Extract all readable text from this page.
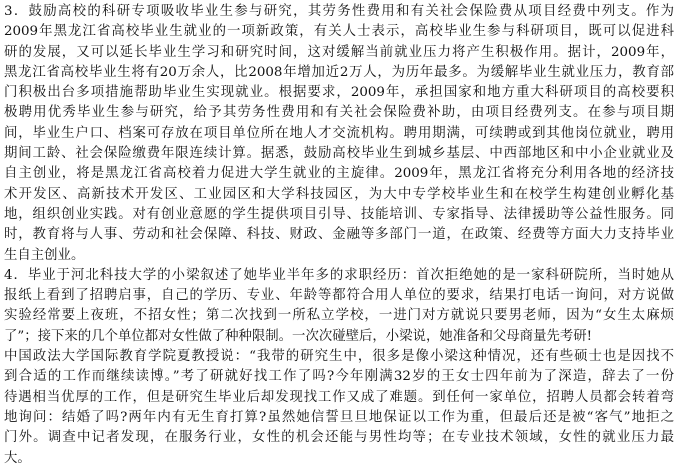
3．鼓励高校的科研专项吸收毕业生参与研究，其劳务性费用和有关社会保险费从项目经费中列支。作为
2009年黑龙江省高校毕业生就业的一项新政策，有关人士表示，高校毕业生参与科研项目，既可以促进科
研的发展，又可以延长毕业生学习和研究时间，这对缓解当前就业压力将产生积极作用。据计，2009年，
黑龙江省高校毕业生将有20万余人，比2008年增加近2万人，为历年最多。为缓解毕业生就业压力，教育部
门积极出台多项措施帮助毕业生实现就业。根据要求，2009年，承担国家和地方重大科研项目的高校要积
极聘用优秀毕业生参与研究，给予其劳务性费用和有关社会保险费补助，由项目经费列支。在参与项目期
间，毕业生户口、档案可存放在项目单位所在地人才交流机构。聘用期满，可续聘或到其他岗位就业，聘用
期间工龄、社会保险缴费年限连续计算。据悉，鼓励高校毕业生到城乡基层、中西部地区和中小企业就业及
自主创业，将是黑龙江省高校着力促进大学生就业的主旋律。2009年，黑龙江省将充分利用各地的经济技
术开发区、高新技术开发区、工业园区和大学科技园区，为大中专学校毕业生和在校学生构建创业孵化基
地，组织创业实践。对有创业意愿的学生提供项目引导、技能培训、专家指导、法律援助等公益性服务。同
时，教育将与人事、劳动和社会保障、科技、财政、金融等多部门一道，在政策、经费等方面大力支持毕业
生自主创业。
4．毕业于河北科技大学的小梁叙述了她毕业半年多的求职经历：首次拒绝她的是一家科研院所，当时她从
报纸上看到了招聘启事，自己的学历、专业、年龄等都符合用人单位的要求，结果打电话一询问，对方说做
实验经常要上夜班，不招女性；第二次找到一所私立学校，一进门对方就说只要男老师，因为“女生太麻烦
了”；接下来的几个单位都对女性做了种种限制。一次次碰壁后，小梁说，她准备和父母商量先考研!
中国政法大学国际教育学院夏教授说：“我带的研究生中，很多是像小梁这种情况，还有些硕士也是因找不
到合适的工作而继续读博。”考了研就好找工作了吗?今年刚满32岁的王女士四年前为了深造，辞去了一份
待遇相当优厚的工作，但是研究生毕业后却发现找工作又成了难题。到任何一家单位，招聘人员都会转着弯
地询问：结婚了吗?两年内有无生育打算?虽然她信誓旦旦地保证以工作为重，但最后还是被“客气”地拒之
门外。调查中记者发现，在服务行业，女性的机会还能与男性均等；在专业技术领域，女性的就业压力最
大。
